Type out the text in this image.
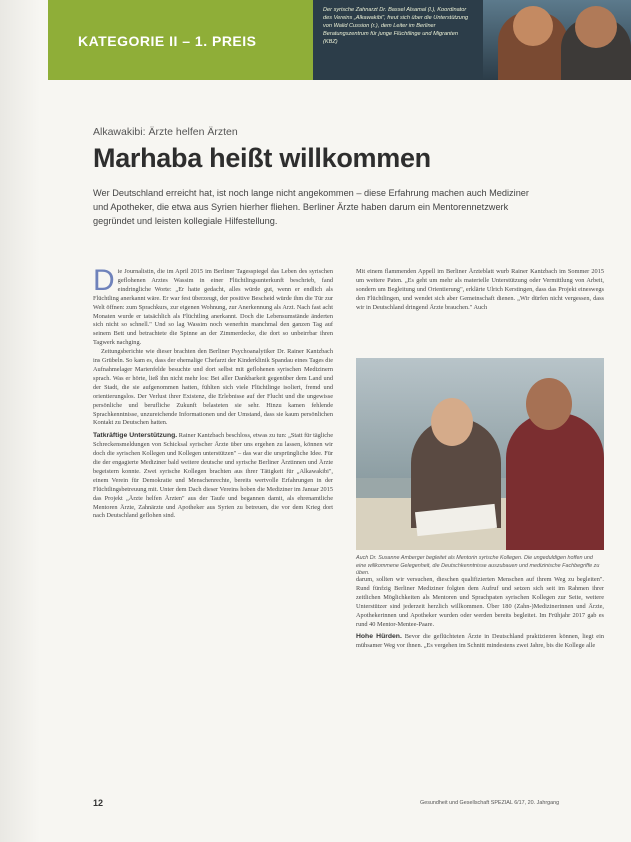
KATEGORIE II – 1. PREIS
Der syrische Zahnarzt Dr. Bassel Alsamal (l.), Koordinator des Vereins „Alkawakibi", freut sich über die Unterstützung von Walid Cussion (r.), dem Leiter im Berliner Beratungszentrum für junge Flüchtlinge und Migranten (KBZ)
Alkawakibi: Ärzte helfen Ärzten
Marhaba heißt willkommen
Wer Deutschland erreicht hat, ist noch lange nicht angekommen – diese Erfahrung machen auch Mediziner und Apotheker, die etwa aus Syrien hierher fliehen. Berliner Ärzte haben darum ein Mentorennetzwerk gegründet und leisten kollegiale Hilfestellung.

Die Journalistin, die im April 2015 im Berliner Tagesspiegel das Leben des syrischen geflohenen Arztes Wassim in einer Flüchtlingsunterkunft beschrieb, fand eindringliche Worte: „Er hatte gedacht, alles würde gut, wenn er endlich als Flüchtling anerkannt wäre. Er war fest überzeugt, der positive Bescheid würde ihm die Tür zur Welt öffnen: zum Sprachkurs, zur eigenen Wohnung, zur Anerkennung als Arzt. Nach fast acht Monaten wurde er tatsächlich als Flüchtling anerkannt. Doch die Lebensumstände änderten sich nicht so schnell." Und so lag Wassim noch wenerhin manchmal den ganzen Tag auf seinem Bett und betrachtete die Spinne an der Zimmerdecke, die dort so unbeirrbar ihren Tagwerk nachging.

Zeitungsberichte wie dieser brachten den Berliner Psychoanalytiker Dr. Rainer Kantzbach ins Grübeln. So kam es, dass der ehemalige Chefarzt der Kinderklinik Spandau eines Tages die Aufnahmelager Marienfelde besuchte und dort selbst mit geflohenen syrischen Medizinern sprach. Was er hörte, ließ ihn nicht mehr los: Bei aller Dankbarkeit gegenüber dem Land und der Stadt, die sie aufgenommen hatten, fühlten sich viele Flüchtlinge isoliert, fremd und orientierungslos. Der Verlust ihrer Existenz, die Erlebnisse auf der Flucht und die ungewisse persönliche und berufliche Zukunft belasteten sie sehr. Hinzu kamen fehlende Sprachkenntnisse, unzureichende Informationen und der Umstand, dass sie kaum persönlichen Kontakt zu Deutschen hatten.

Tatkräftige Unterstützung. Rainer Kantzbach beschloss, etwas zu tun: „Statt für tägliche Schreckensmeldungen von Schicksal syrischer Ärzte über uns ergehen zu lassen, können wir doch die syrischen Kollegen und Kollegen unterstützen" – das war die ursprüngliche Idee. Für die der engagierte Mediziner bald weitere deutsche und syrische Berliner Ärztinnen und Ärzte begeistern konnte. Zwei syrische Kollegen brachten aus ihrer Tätigkeit für „Alkawakibi", einem Verein für Demokratie und Menschenrechte, bereits wertvolle Erfahrungen in der Flüchtlingsbetreuung mit. Unter dem Dach dieser Vereins hoben die Mediziner im Januar 2015 das Projekt „Ärzte helfen Ärzten" aus der Taufe und begannen damit, als ehrenamtliche Mentoren Ärzte, Zahnärzte und Apotheker aus Syrien zu betreuen, die vor dem Krieg dort nach Deutschland geflohen sind.

Mit einem flammenden Appell im Berliner Ärzteblatt wurb Rainer Kantzbach im Sommer 2015 um weitere Paten. „Es geht um mehr als materielle Unterstützung oder Vermittlung von Arbeit, sondern um Begleitung und Orientierung", erklärte Ulrich Kerstingen, dass das Projekt eineswegs den Flüchtlingen, und wendet sich aber Gemeinschaft dienen. „Wir dürfen nicht vergessen, dass wir in Deutschland dringend Ärzte brauchen." Auch

Auch Dr. Susanne Amberger begleitet als Mentorin syrische Kollegen. Die ungeduldigen hoffen und eine willkommene Gelegenheit, die Deutschkenntnisse auszubauen und medizinische Fachbegriffe zu üben.

darum, sollten wir versuchen, dieschen qualifizierten Menschen auf ihrem Weg zu begleiten". Rund fünfzig Berliner Mediziner folgten dem Aufruf und setzen sich seit im Rahmen ihrer zeitlichen Möglichkeiten als Mentoren und Sprachpaten syrischen Kollegen zur Seite, weitere Unterstützer sind jederzeit herzlich willkommen. Über 180 (Zahn-)Medizinerinnen und Ärzte, Apothekerinnen und Apotheker wurden oder werden bereits begleitet. Im Frühjahr 2017 gab es rund 40 Mentor-Mentee-Paare.

Hohe Hürden. Bevor die geflüchteten Ärzte in Deutschland praktizieren können, liegt ein mühsamer Weg vor ihnen. „Es vergehen im Schnitt mindestens zwei Jahre, bis die Kollege alle

12	Gesundheit und Gesellschaft SPEZIAL 6/17, 20. Jahrgang
